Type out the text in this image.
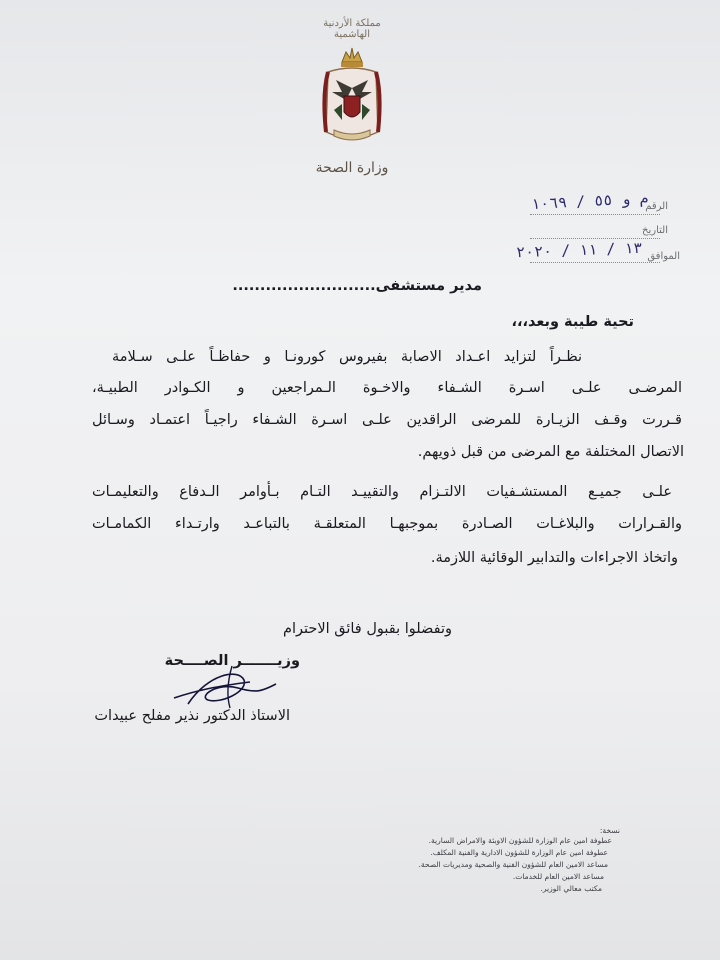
مملكة الأردنية الهاشمية
وزارة الصحة
الرقم
م و ٥٥ / ١٠٦٩
التاريخ
الموافق
١٣ / ١١ / ٢٠٢٠
مدير مستشفى..........................
تحية طيبة وبعد،،،
نظـراً لتزايد اعـداد الاصابة بفيروس كورونـا و حفاظـاً علـى سـلامة
المرضـى علـى اسـرة الشـفاء والاخـوة الـمراجعين و الكـوادر الطبيـة،
قـررت وقـف الزيـارة للمرضى الراقدين علـى اسـرة الشـفاء راجيـاً اعتمـاد وسـائل
الاتصال المختلفة مع المرضى من قبل ذويهم.
علـى جميـع المستشـفيات الالتـزام والتقييـد التـام بـأوامر الـدفاع والتعليمـات
والقـرارات والبلاغـات الصـادرة بموجبهـا المتعلقـة بالتباعـد وارتـداء الكمامـات
واتخاذ الاجراءات والتدابير الوقائية اللازمة.
وتفضلوا بقبول فائق الاحترام
وزيـــــــر الصــــحة
الاستاذ الدكتور نذير مفلح عبيدات
نسخة:
عطوفة امين عام الوزارة للشؤون الاوبئة والامراض السارية.
عطوفة امين عام الوزارة للشؤون الادارية والفنية المكلف.
مساعد الامين العام للشؤون الفنية والصحية ومديريات الصحة.
مساعد الامين العام للخدمات.
مكتب معالي الوزير.
